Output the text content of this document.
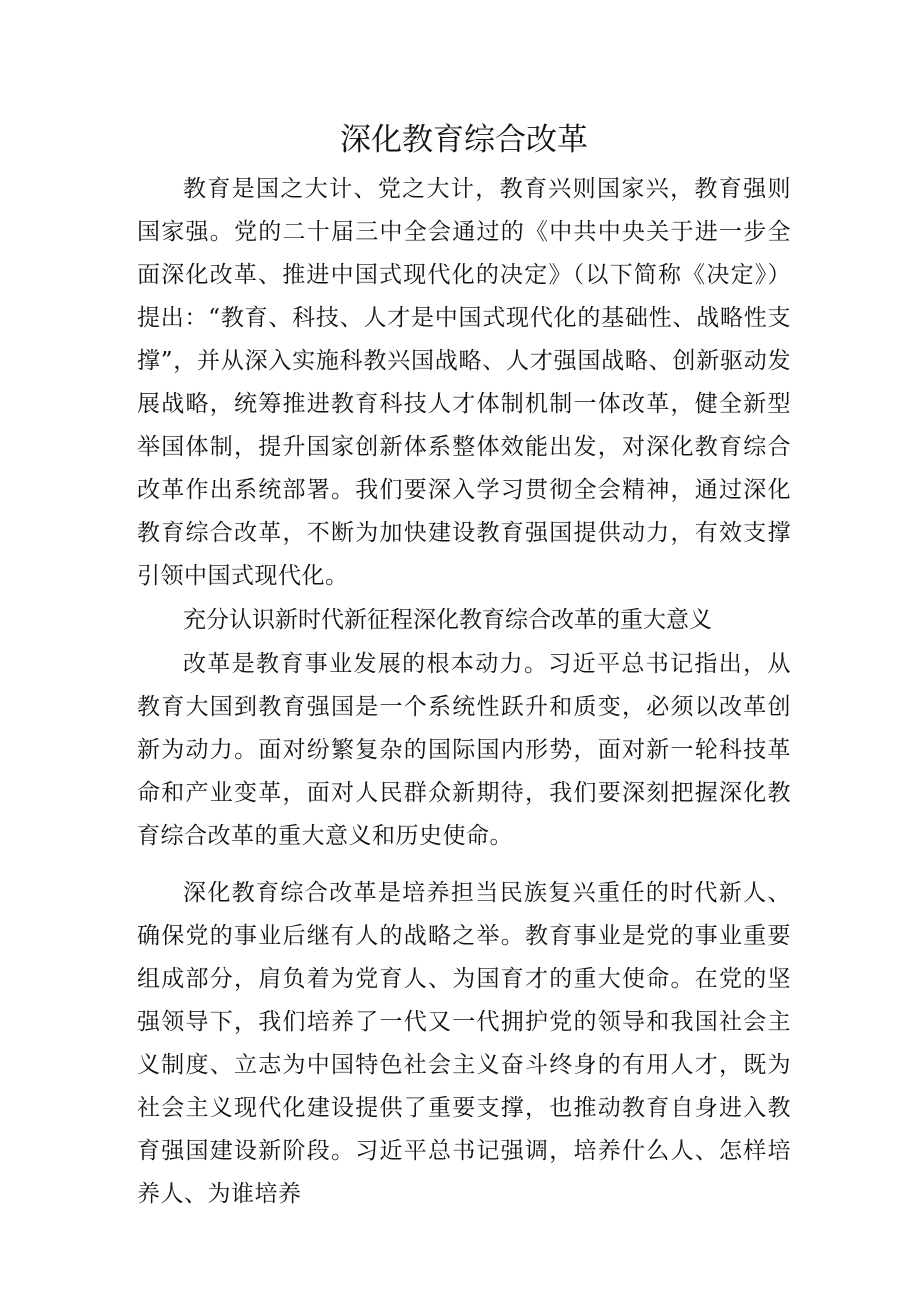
深化教育综合改革

教育是国之大计、党之大计，教育兴则国家兴，教育强则国家强。党的二十届三中全会通过的《中共中央关于进一步全面深化改革、推进中国式现代化的决定》（以下简称《决定》）提出：“教育、科技、人才是中国式现代化的基础性、战略性支撑”，并从深入实施科教兴国战略、人才强国战略、创新驱动发展战略，统筹推进教育科技人才体制机制一体改革，健全新型举国体制，提升国家创新体系整体效能出发，对深化教育综合改革作出系统部署。我们要深入学习贯彻全会精神，通过深化教育综合改革，不断为加快建设教育强国提供动力，有效支撑引领中国式现代化。

充分认识新时代新征程深化教育综合改革的重大意义

改革是教育事业发展的根本动力。习近平总书记指出，从教育大国到教育强国是一个系统性跃升和质变，必须以改革创新为动力。面对纷繁复杂的国际国内形势，面对新一轮科技革命和产业变革，面对人民群众新期待，我们要深刻把握深化教育综合改革的重大意义和历史使命。

深化教育综合改革是培养担当民族复兴重任的时代新人、确保党的事业后继有人的战略之举。教育事业是党的事业重要组成部分，肩负着为党育人、为国育才的重大使命。在党的坚强领导下，我们培养了一代又一代拥护党的领导和我国社会主义制度、立志为中国特色社会主义奋斗终身的有用人才，既为社会主义现代化建设提供了重要支撑，也推动教育自身进入教育强国建设新阶段。习近平总书记强调，培养什么人、怎样培养人、为谁培养
